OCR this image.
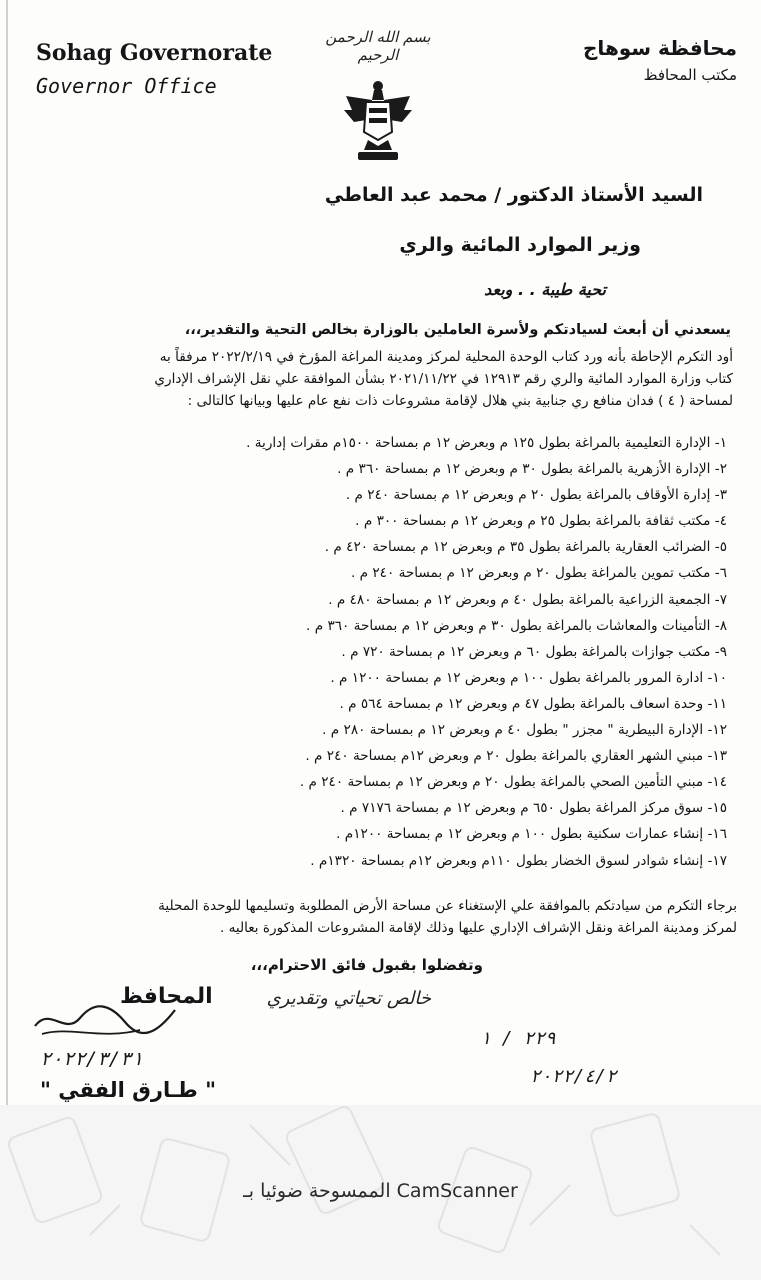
Sohag Governorate
Governor Office
بسم الله الرحمن الرحيم	محافظة سوهاج
مكتب المحافظ
السيد الأستاذ الدكتور / محمد عبد العاطي
وزير الموارد المائية والري
تحية طيبة . . وبعد
يسعدني أن أبعث لسيادتكم ولأسرة العاملين بالوزارة بخالص التحية والتقدير،،،
أود التكرم الإحاطة بأنه ورد كتاب الوحدة المحلية لمركز ومدينة المراغة المؤرخ في ٢٠٢٢/٢/١٩ مرفقاً به
كتاب وزارة الموارد المائية والري رقم ١٢٩١٣ في ٢٠٢١/١١/٢٢ بشأن الموافقة علي نقل الإشراف الإداري
لمساحة ( ٤ ) فدان منافع ري جنابية بني هلال لإقامة مشروعات ذات نفع عام عليها وبيانها كالتالى :
١- الإدارة التعليمية بالمراغة بطول ١٢٥ م وبعرض ١٢ م بمساحة ١٥٠٠م مقرات إدارية .
٢- الإدارة الأزهرية بالمراغة بطول ٣٠ م وبعرض ١٢ م بمساحة ٣٦٠ م .
٣- إدارة الأوقاف بالمراغة بطول ٢٠ م وبعرض ١٢ م بمساحة ٢٤٠ م .
٤- مكتب ثقافة بالمراغة بطول ٢٥ م وبعرض ١٢ م بمساحة ٣٠٠ م .
٥- الضرائب العقارية بالمراغة بطول ٣٥ م وبعرض ١٢ م بمساحة ٤٢٠ م .
٦- مكتب تموين بالمراغة بطول ٢٠ م وبعرض ١٢ م بمساحة ٢٤٠ م .
٧- الجمعية الزراعية بالمراغة بطول ٤٠ م وبعرض ١٢ م بمساحة ٤٨٠ م .
٨- التأمينات والمعاشات بالمراغة بطول ٣٠ م وبعرض ١٢ م بمساحة ٣٦٠ م .
٩- مكتب جوازات بالمراغة بطول ٦٠ م وبعرض ١٢ م بمساحة ٧٢٠ م .
١٠- ادارة المرور بالمراغة بطول ١٠٠ م وبعرض ١٢ م بمساحة ١٢٠٠ م .
١١- وحدة اسعاف بالمراغة بطول ٤٧ م وبعرض ١٢ م بمساحة ٥٦٤ م .
١٢- الإدارة البيطرية " مجزر " بطول ٤٠ م وبعرض ١٢ م بمساحة ٢٨٠ م .
١٣- مبني الشهر العقاري بالمراغة بطول ٢٠ م وبعرض ١٢م بمساحة ٢٤٠ م .
١٤- مبني التأمين الصحي بالمراغة بطول ٢٠ م وبعرض ١٢ م بمساحة ٢٤٠ م .
١٥- سوق مركز المراغة بطول ٦٥٠ م وبعرض ١٢ م بمساحة ٧١٧٦ م .
١٦- إنشاء عمارات سكنية بطول ١٠٠ م وبعرض ١٢ م بمساحة ١٢٠٠م .
١٧- إنشاء شوادر لسوق الخضار بطول ١١٠م وبعرض ١٢م بمساحة ١٣٢٠م .
برجاء التكرم من سيادتكم بالموافقة علي الإستغناء عن مساحة الأرض المطلوبة وتسليمها للوحدة المحلية
لمركز ومدينة المراغة ونقل الإشراف الإداري عليها وذلك لإقامة المشروعات المذكورة بعاليه .
وتفضلوا بقبول فائق الاحترام،،،
خالص تحياتي وتقديري
المحافظ
٢٠٢٢/٣/٣١
" طـارق الفقي "
٢٢٩ / ١
٢٠٢٢/٤/٢
الممسوحة ضوئيا بـ CamScanner
